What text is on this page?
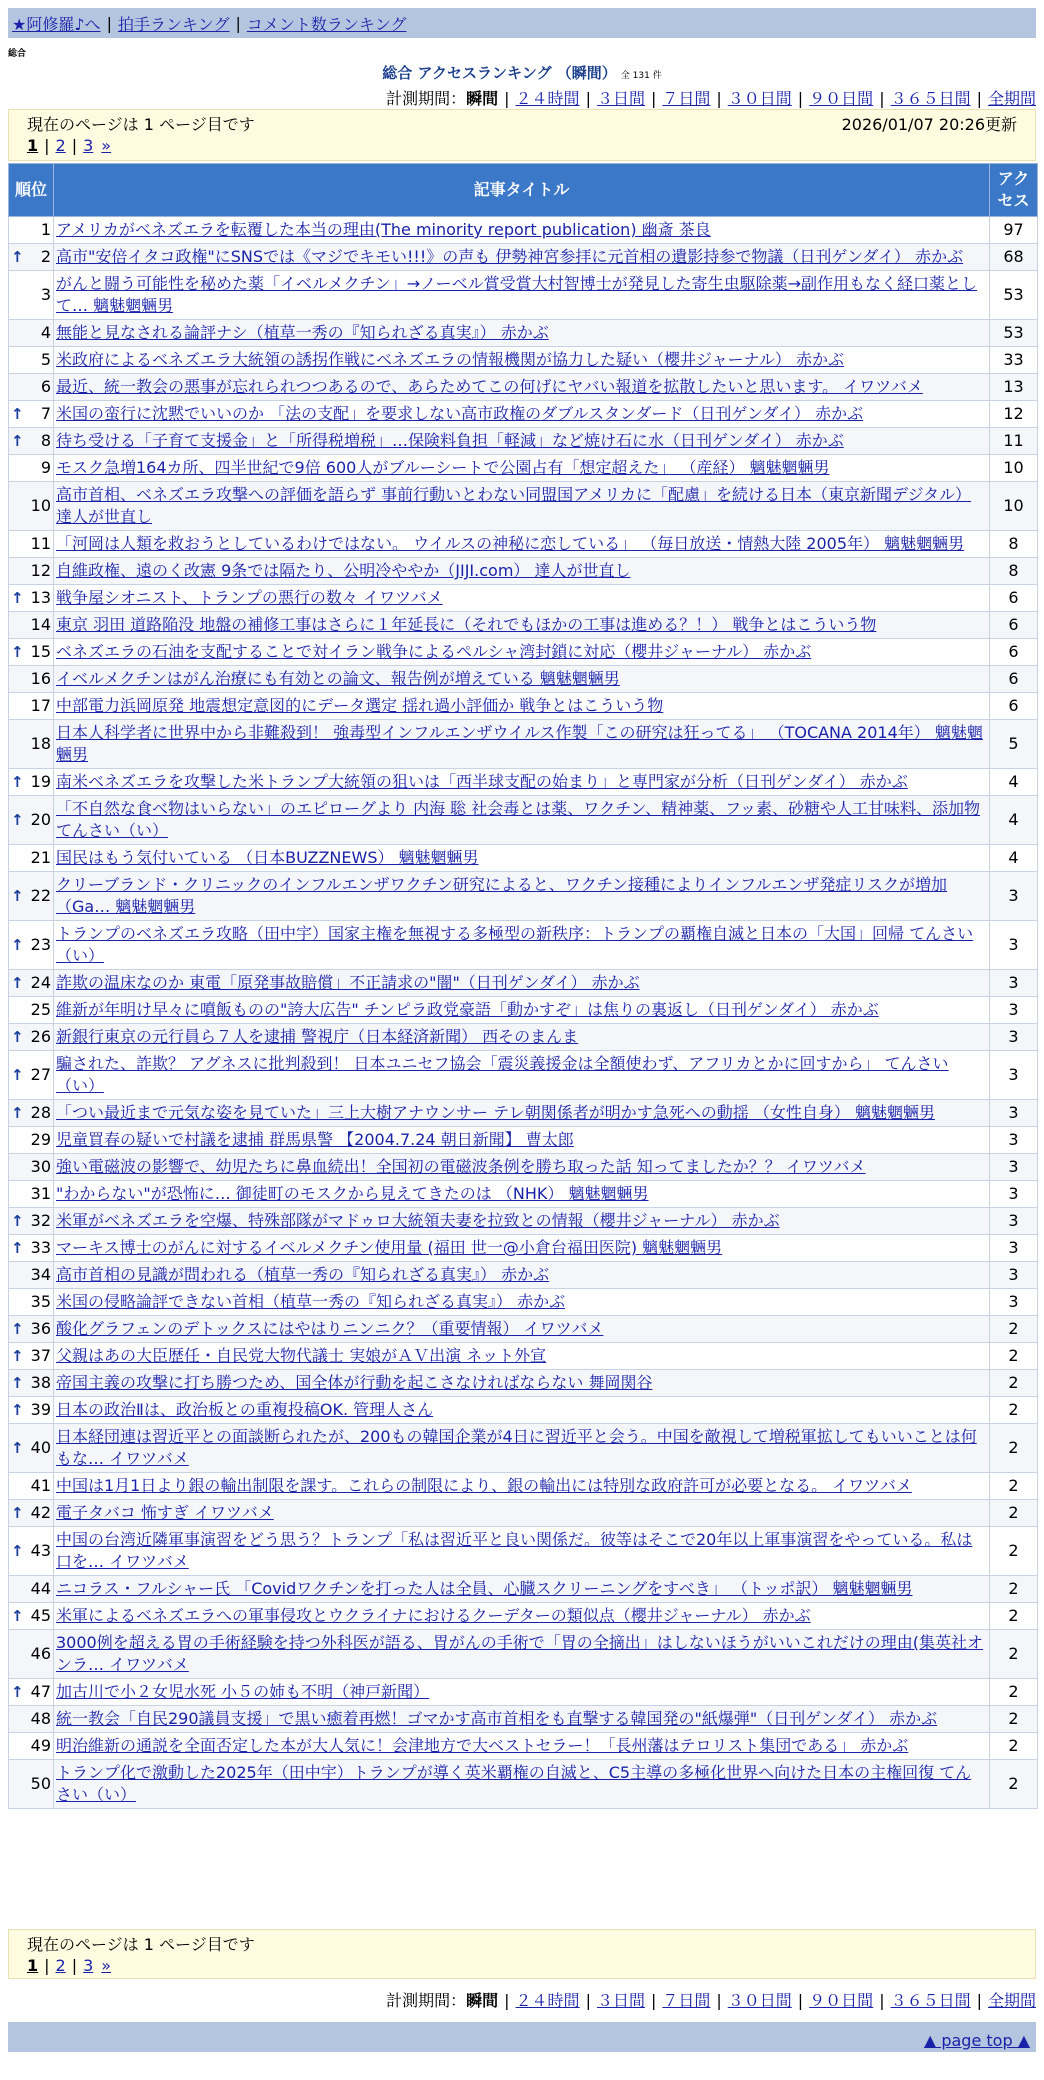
★阿修羅♪へ | 拍手ランキング | コメント数ランキング
総合
総合 アクセスランキング （瞬間） 全 131 件
計測期間：瞬間 | ２４時間 | ３日間 | ７日間 | ３０日間 | ９０日間 | ３６５日間 | 全期間
現在のページは 1 ページ目です	2026/01/07 20:26更新
1 | 2 | 3 »
順位	記事タイトル	アクセス
1	アメリカがベネズエラを転覆した本当の理由(The minority report publication) 幽斎 茶良	97

↑ 2	高市"安倍イタコ政権"にSNSでは《マジでキモい!!!》の声も 伊勢神宮参拝に元首相の遺影持参で物議（日刊ゲンダイ） 赤かぶ	68
3	がんと闘う可能性を秘めた薬「イベルメクチン」→ノーベル賞受賞大村智博士が発見した寄生虫駆除薬→副作用もなく経口薬として… 魑魅魍魎男	53
4	無能と見なされる論評ナシ（植草一秀の『知られざる真実』） 赤かぶ	53
5	米政府によるベネズエラ大統領の誘拐作戦にベネズエラの情報機関が協力した疑い（櫻井ジャーナル） 赤かぶ	33
6	最近、統一教会の悪事が忘れられつつあるので、あらためてこの何げにヤバい報道を拡散したいと思います。 イワツバメ	13

↑ 7	米国の蛮行に沈黙でいいのか 「法の支配」を要求しない高市政権のダブルスタンダード（日刊ゲンダイ） 赤かぶ	12

↑ 8	待ち受ける「子育て支援金」と「所得税増税」…保険料負担「軽減」など焼け石に水（日刊ゲンダイ） 赤かぶ	11
9	モスク急増164カ所、四半世紀で9倍 600人がブルーシートで公園占有「想定超えた」 （産経） 魑魅魍魎男	10
10	高市首相、ベネズエラ攻撃への評価を語らず 事前行動いとわない同盟国アメリカに「配慮」を続ける日本（東京新聞デジタル） 達人が世直し	10
11	「河岡は人類を救おうとしているわけではない。 ウイルスの神秘に恋している」 （毎日放送・情熱大陸 2005年） 魑魅魍魎男	8
12	自維政権、遠のく改憲 9条では隔たり、公明冷ややか（JIJI.com） 達人が世直し	8

↑ 13	戦争屋シオニスト、トランプの悪行の数々 イワツバメ	6
14	東京 羽田 道路陥没 地盤の補修工事はさらに１年延長に（それでもほかの工事は進める？！） 戦争とはこういう物	6

↑ 15	ベネズエラの石油を支配することで対イラン戦争によるペルシャ湾封鎖に対応（櫻井ジャーナル） 赤かぶ	6
16	イベルメクチンはがん治療にも有効との論文、報告例が増えている 魑魅魍魎男	6
17	中部電力浜岡原発 地震想定意図的にデータ選定 揺れ過小評価か 戦争とはこういう物	6
18	日本人科学者に世界中から非難殺到！ 強毒型インフルエンザウイルス作製「この研究は狂ってる」 （TOCANA 2014年） 魑魅魍魎男	5

↑ 19	南米ベネズエラを攻撃した米トランプ大統領の狙いは「西半球支配の始まり」と専門家が分析（日刊ゲンダイ） 赤かぶ	4

↑ 20	「不自然な食べ物はいらない」のエピローグより 内海 聡 社会毒とは薬、ワクチン、精神薬、フッ素、砂糖や人工甘味料、添加物 てんさい（い）	4
21	国民はもう気付いている （日本BUZZNEWS） 魑魅魍魎男	4

↑ 22	クリーブランド・クリニックのインフルエンザワクチン研究によると、ワクチン接種によりインフルエンザ発症リスクが増加（Ga… 魑魅魍魎男	3

↑ 23	トランプのベネズエラ攻略（田中宇）国家主権を無視する多極型の新秩序：トランプの覇権自滅と日本の「大国」回帰 てんさい（い）	3

↑ 24	詐欺の温床なのか 東電「原発事故賠償」不正請求の"闇"（日刊ゲンダイ） 赤かぶ	3
25	維新が年明け早々に噴飯ものの"誇大広告" チンピラ政党豪語「動かすぞ」は焦りの裏返し（日刊ゲンダイ） 赤かぶ	3

↑ 26	新銀行東京の元行員ら７人を逮捕 警視庁（日本経済新聞） 西そのまんま	3

↑ 27	騙された、詐欺？ アグネスに批判殺到！ 日本ユニセフ協会「震災義援金は全額使わず、アフリカとかに回すから」 てんさい（い）	3

↑ 28	「つい最近まで元気な姿を見ていた」三上大樹アナウンサー テレ朝関係者が明かす急死への動揺 （女性自身） 魑魅魍魎男	3
29	児童買春の疑いで村議を逮捕 群馬県警 【2004.7.24 朝日新聞】 曹太郎	3
30	強い電磁波の影響で、幼児たちに鼻血続出！全国初の電磁波条例を勝ち取った話 知ってましたか？？ イワツバメ	3
31	"わからない"が恐怖に… 御徒町のモスクから見えてきたのは （NHK） 魑魅魍魎男	3

↑ 32	米軍がベネズエラを空爆、特殊部隊がマドゥロ大統領夫妻を拉致との情報（櫻井ジャーナル） 赤かぶ	3

↑ 33	マーキス博士のがんに対するイベルメクチン使用量 (福田 世一@小倉台福田医院) 魑魅魍魎男	3
34	高市首相の見識が問われる（植草一秀の『知られざる真実』） 赤かぶ	3
35	米国の侵略論評できない首相（植草一秀の『知られざる真実』） 赤かぶ	3

↑ 36	酸化グラフェンのデトックスにはやはりニンニク？（重要情報） イワツバメ	2

↑ 37	父親はあの大臣歴任・自民党大物代議士 実娘がＡＶ出演 ネット外宣	2

↑ 38	帝国主義の攻撃に打ち勝つため、国全体が行動を起こさなければならない 舞岡関谷	2

↑ 39	日本の政治Ⅱは、政治板との重複投稿OK. 管理人さん	2

↑ 40	日本経団連は習近平との面談断られたが、200もの韓国企業が4日に習近平と会う。中国を敵視して増税軍拡してもいいことは何もな… イワツバメ	2
41	中国は1月1日より銀の輸出制限を課す。これらの制限により、銀の輸出には特別な政府許可が必要となる。 イワツバメ	2

↑ 42	電子タバコ 怖すぎ イワツバメ	2

↑ 43	中国の台湾近隣軍事演習をどう思う？トランプ「私は習近平と良い関係だ。彼等はそこで20年以上軍事演習をやっている。私は口を… イワツバメ	2
44	ニコラス・フルシャー氏 「Covidワクチンを打った人は全員、心臓スクリーニングをすべき」 （トッポ訳） 魑魅魍魎男	2

↑ 45	米軍によるベネズエラへの軍事侵攻とウクライナにおけるクーデターの類似点（櫻井ジャーナル） 赤かぶ	2
46	3000例を超える胃の手術経験を持つ外科医が語る、胃がんの手術で「胃の全摘出」はしないほうがいいこれだけの理由(集英社オンラ… イワツバメ	2

↑ 47	加古川で小２女児水死 小５の姉も不明（神戸新聞）	2
48	統一教会「自民290議員支援」で黒い癒着再燃！ゴマかす高市首相をも直撃する韓国発の"紙爆弾"（日刊ゲンダイ） 赤かぶ	2
49	明治維新の通説を全面否定した本が大人気に！会津地方で大ベストセラー！「長州藩はテロリスト集団である」 赤かぶ	2
50	トランプ化で激動した2025年（田中宇）トランプが導く英米覇権の自滅と、C5主導の多極化世界へ向けた日本の主権回復 てんさい（い）	2
現在のページは 1 ページ目です
1 | 2 | 3 »
計測期間：瞬間 | ２４時間 | ３日間 | ７日間 | ３０日間 | ９０日間 | ３６５日間 | 全期間
▲ page top ▲
